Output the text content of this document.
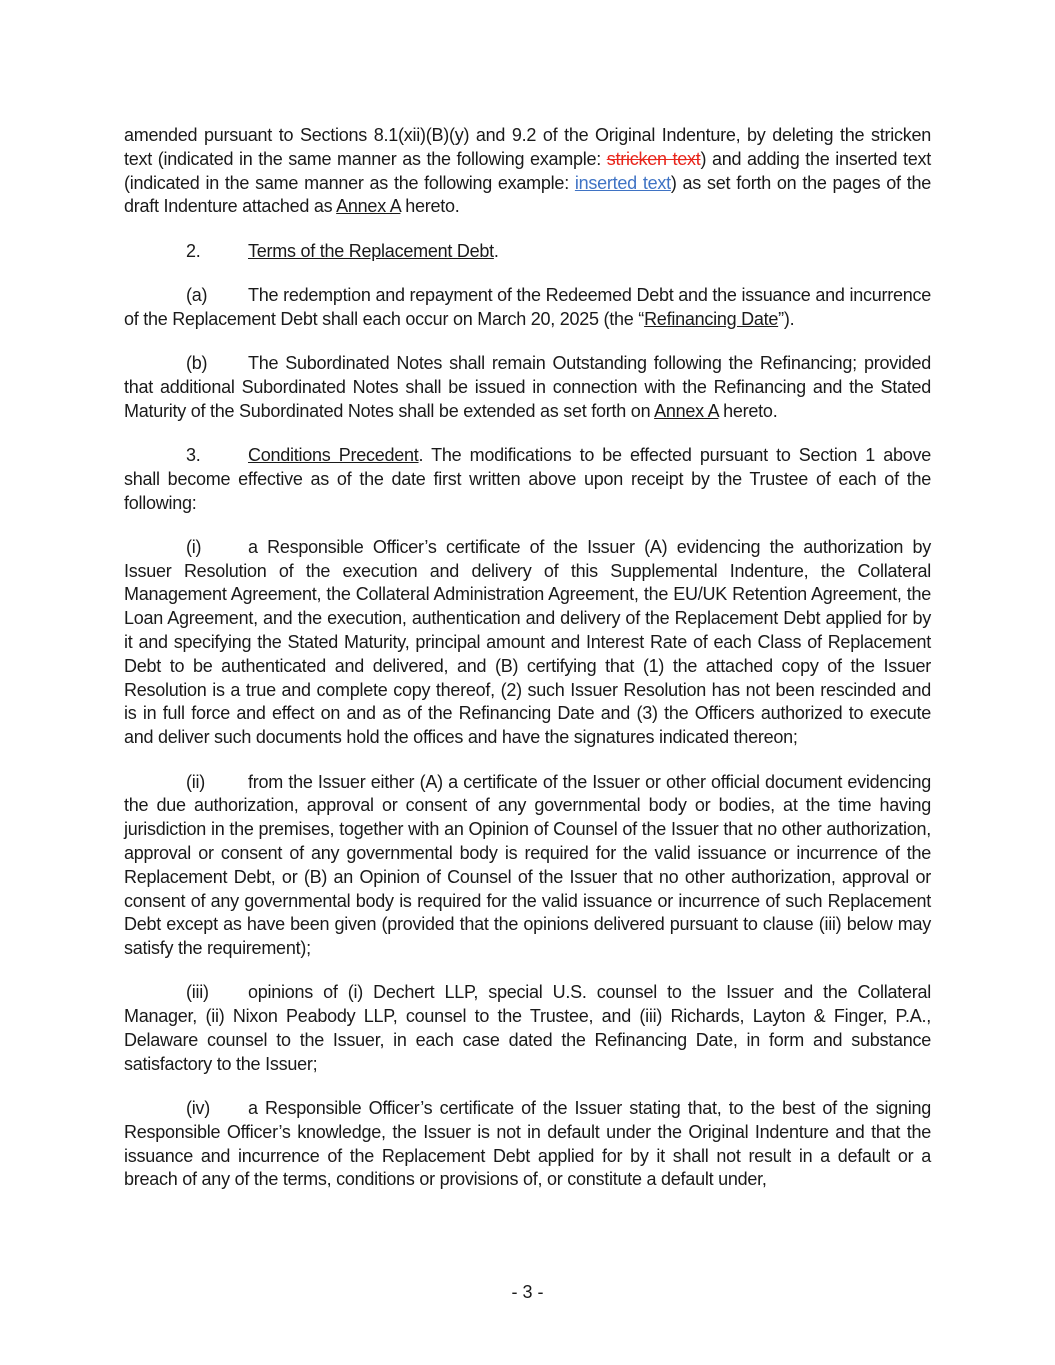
amended pursuant to Sections 8.1(xii)(B)(y) and 9.2 of the Original Indenture, by deleting the stricken text (indicated in the same manner as the following example: stricken text) and adding the inserted text (indicated in the same manner as the following example: inserted text) as set forth on the pages of the draft Indenture attached as Annex A hereto.

2.	Terms of the Replacement Debt.

(a) The redemption and repayment of the Redeemed Debt and the issuance and incurrence of the Replacement Debt shall each occur on March 20, 2025 (the “Refinancing Date”).

(b) The Subordinated Notes shall remain Outstanding following the Refinancing; provided that additional Subordinated Notes shall be issued in connection with the Refinancing and the Stated Maturity of the Subordinated Notes shall be extended as set forth on Annex A hereto.

3.	Conditions Precedent. The modifications to be effected pursuant to Section 1 above shall become effective as of the date first written above upon receipt by the Trustee of each of the following:

(i)	a Responsible Officer’s certificate of the Issuer (A) evidencing the authorization by Issuer Resolution of the execution and delivery of this Supplemental Indenture, the Collateral Management Agreement, the Collateral Administration Agreement, the EU/UK Retention Agreement, the Loan Agreement, and the execution, authentication and delivery of the Replacement Debt applied for by it and specifying the Stated Maturity, principal amount and Interest Rate of each Class of Replacement Debt to be authenticated and delivered, and (B) certifying that (1) the attached copy of the Issuer Resolution is a true and complete copy thereof, (2) such Issuer Resolution has not been rescinded and is in full force and effect on and as of the Refinancing Date and (3) the Officers authorized to execute and deliver such documents hold the offices and have the signatures indicated thereon;

(ii) from the Issuer either (A) a certificate of the Issuer or other official document evidencing the due authorization, approval or consent of any governmental body or bodies, at the time having jurisdiction in the premises, together with an Opinion of Counsel of the Issuer that no other authorization, approval or consent of any governmental body is required for the valid issuance or incurrence of the Replacement Debt, or (B) an Opinion of Counsel of the Issuer that no other authorization, approval or consent of any governmental body is required for the valid issuance or incurrence of such Replacement Debt except as have been given (provided that the opinions delivered pursuant to clause (iii) below may satisfy the requirement);

(iii) opinions of (i) Dechert LLP, special U.S. counsel to the Issuer and the Collateral Manager, (ii) Nixon Peabody LLP, counsel to the Trustee, and (iii) Richards, Layton & Finger, P.A., Delaware counsel to the Issuer, in each case dated the Refinancing Date, in form and substance satisfactory to the Issuer;

(iv) a Responsible Officer’s certificate of the Issuer stating that, to the best of the signing Responsible Officer’s knowledge, the Issuer is not in default under the Original Indenture and that the issuance and incurrence of the Replacement Debt applied for by it shall not result in a default or a breach of any of the terms, conditions or provisions of, or constitute a default under,

- 3 -
